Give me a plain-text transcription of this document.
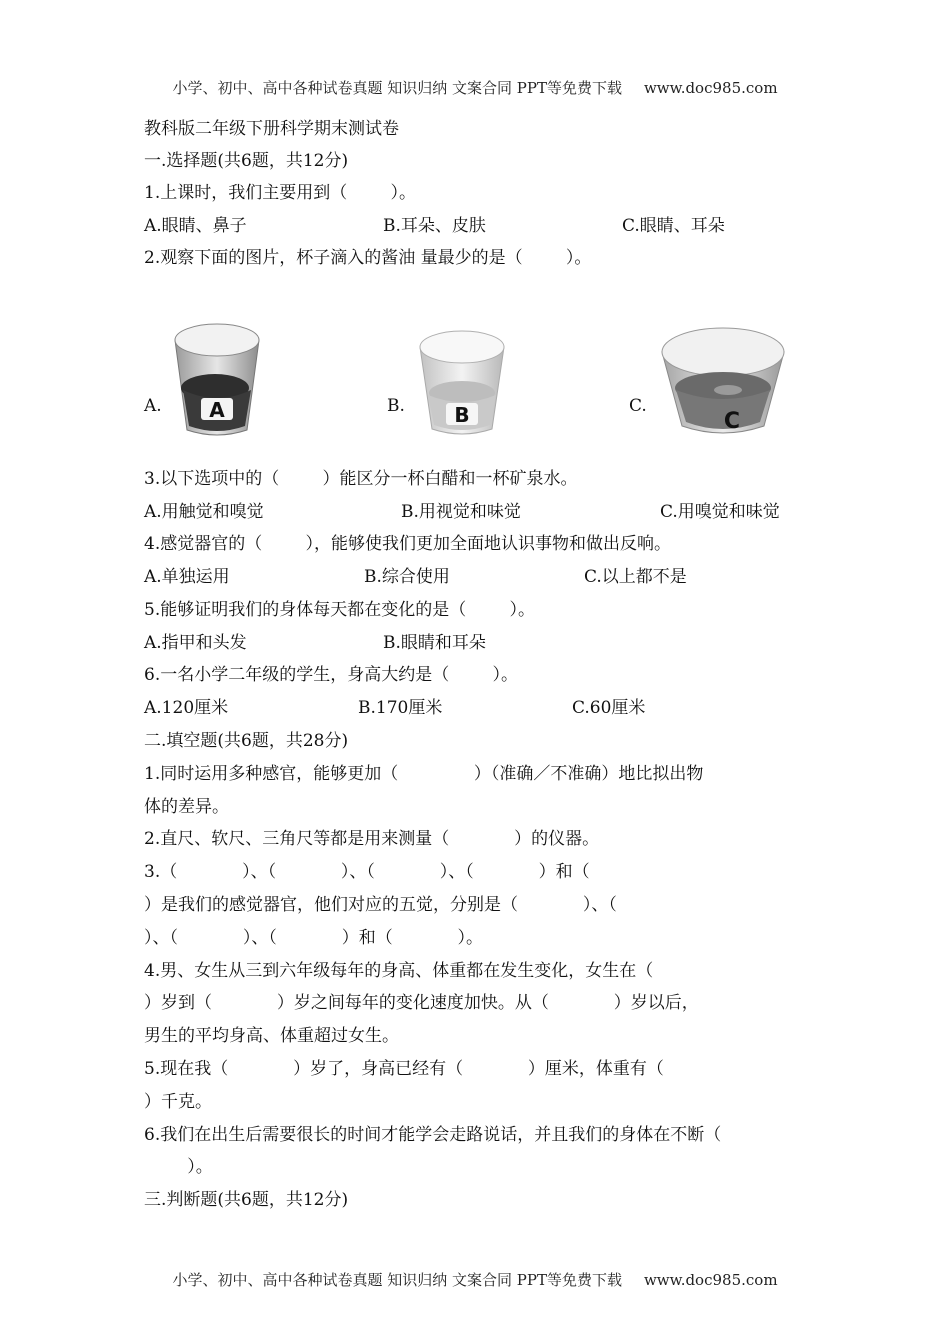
小学、初中、高中各种试卷真题 知识归纳 文案合同 PPT等免费下载 www.doc985.com
教科版二年级下册科学期末测试卷
一.选择题(共6题，共12分)
1.上课时，我们主要用到（        ）。
A.眼睛、鼻子	B.耳朵、皮肤	C.眼睛、耳朵
2.观察下面的图片，杯子滴入的酱油 量最少的是（        ）。
A.	B.	C.
A	B	C
3.以下选项中的（        ）能区分一杯白醋和一杯矿泉水。
A.用触觉和嗅觉	B.用视觉和味觉	C.用嗅觉和味觉
4.感觉器官的（        ），能够使我们更加全面地认识事物和做出反响。
A.单独运用	B.综合使用	C.以上都不是
5.能够证明我们的身体每天都在变化的是（        ）。
A.指甲和头发	B.眼睛和耳朵
6.一名小学二年级的学生，身高大约是（        ）。
A.120厘米	B.170厘米	C.60厘米
二.填空题(共6题，共28分)
1.同时运用多种感官，能够更加（              ）（准确／不准确）地比拟出物
体的差异。
2.直尺、软尺、三角尺等都是用来测量（            ）的仪器。
3.（            ）、（            ）、（            ）、（            ）和（
）是我们的感觉器官，他们对应的五觉，分别是（            ）、（
）、（            ）、（            ）和（            ）。
4.男、女生从三到六年级每年的身高、体重都在发生变化，女生在（
）岁到（            ）岁之间每年的变化速度加快。从（            ）岁以后，
男生的平均身高、体重超过女生。
5.现在我（            ）岁了，身高已经有（            ）厘米，体重有（
）千克。
6.我们在出生后需要很长的时间才能学会走路说话，并且我们的身体在不断（
）。
三.判断题(共6题，共12分)
小学、初中、高中各种试卷真题 知识归纳 文案合同 PPT等免费下载 www.doc985.com
